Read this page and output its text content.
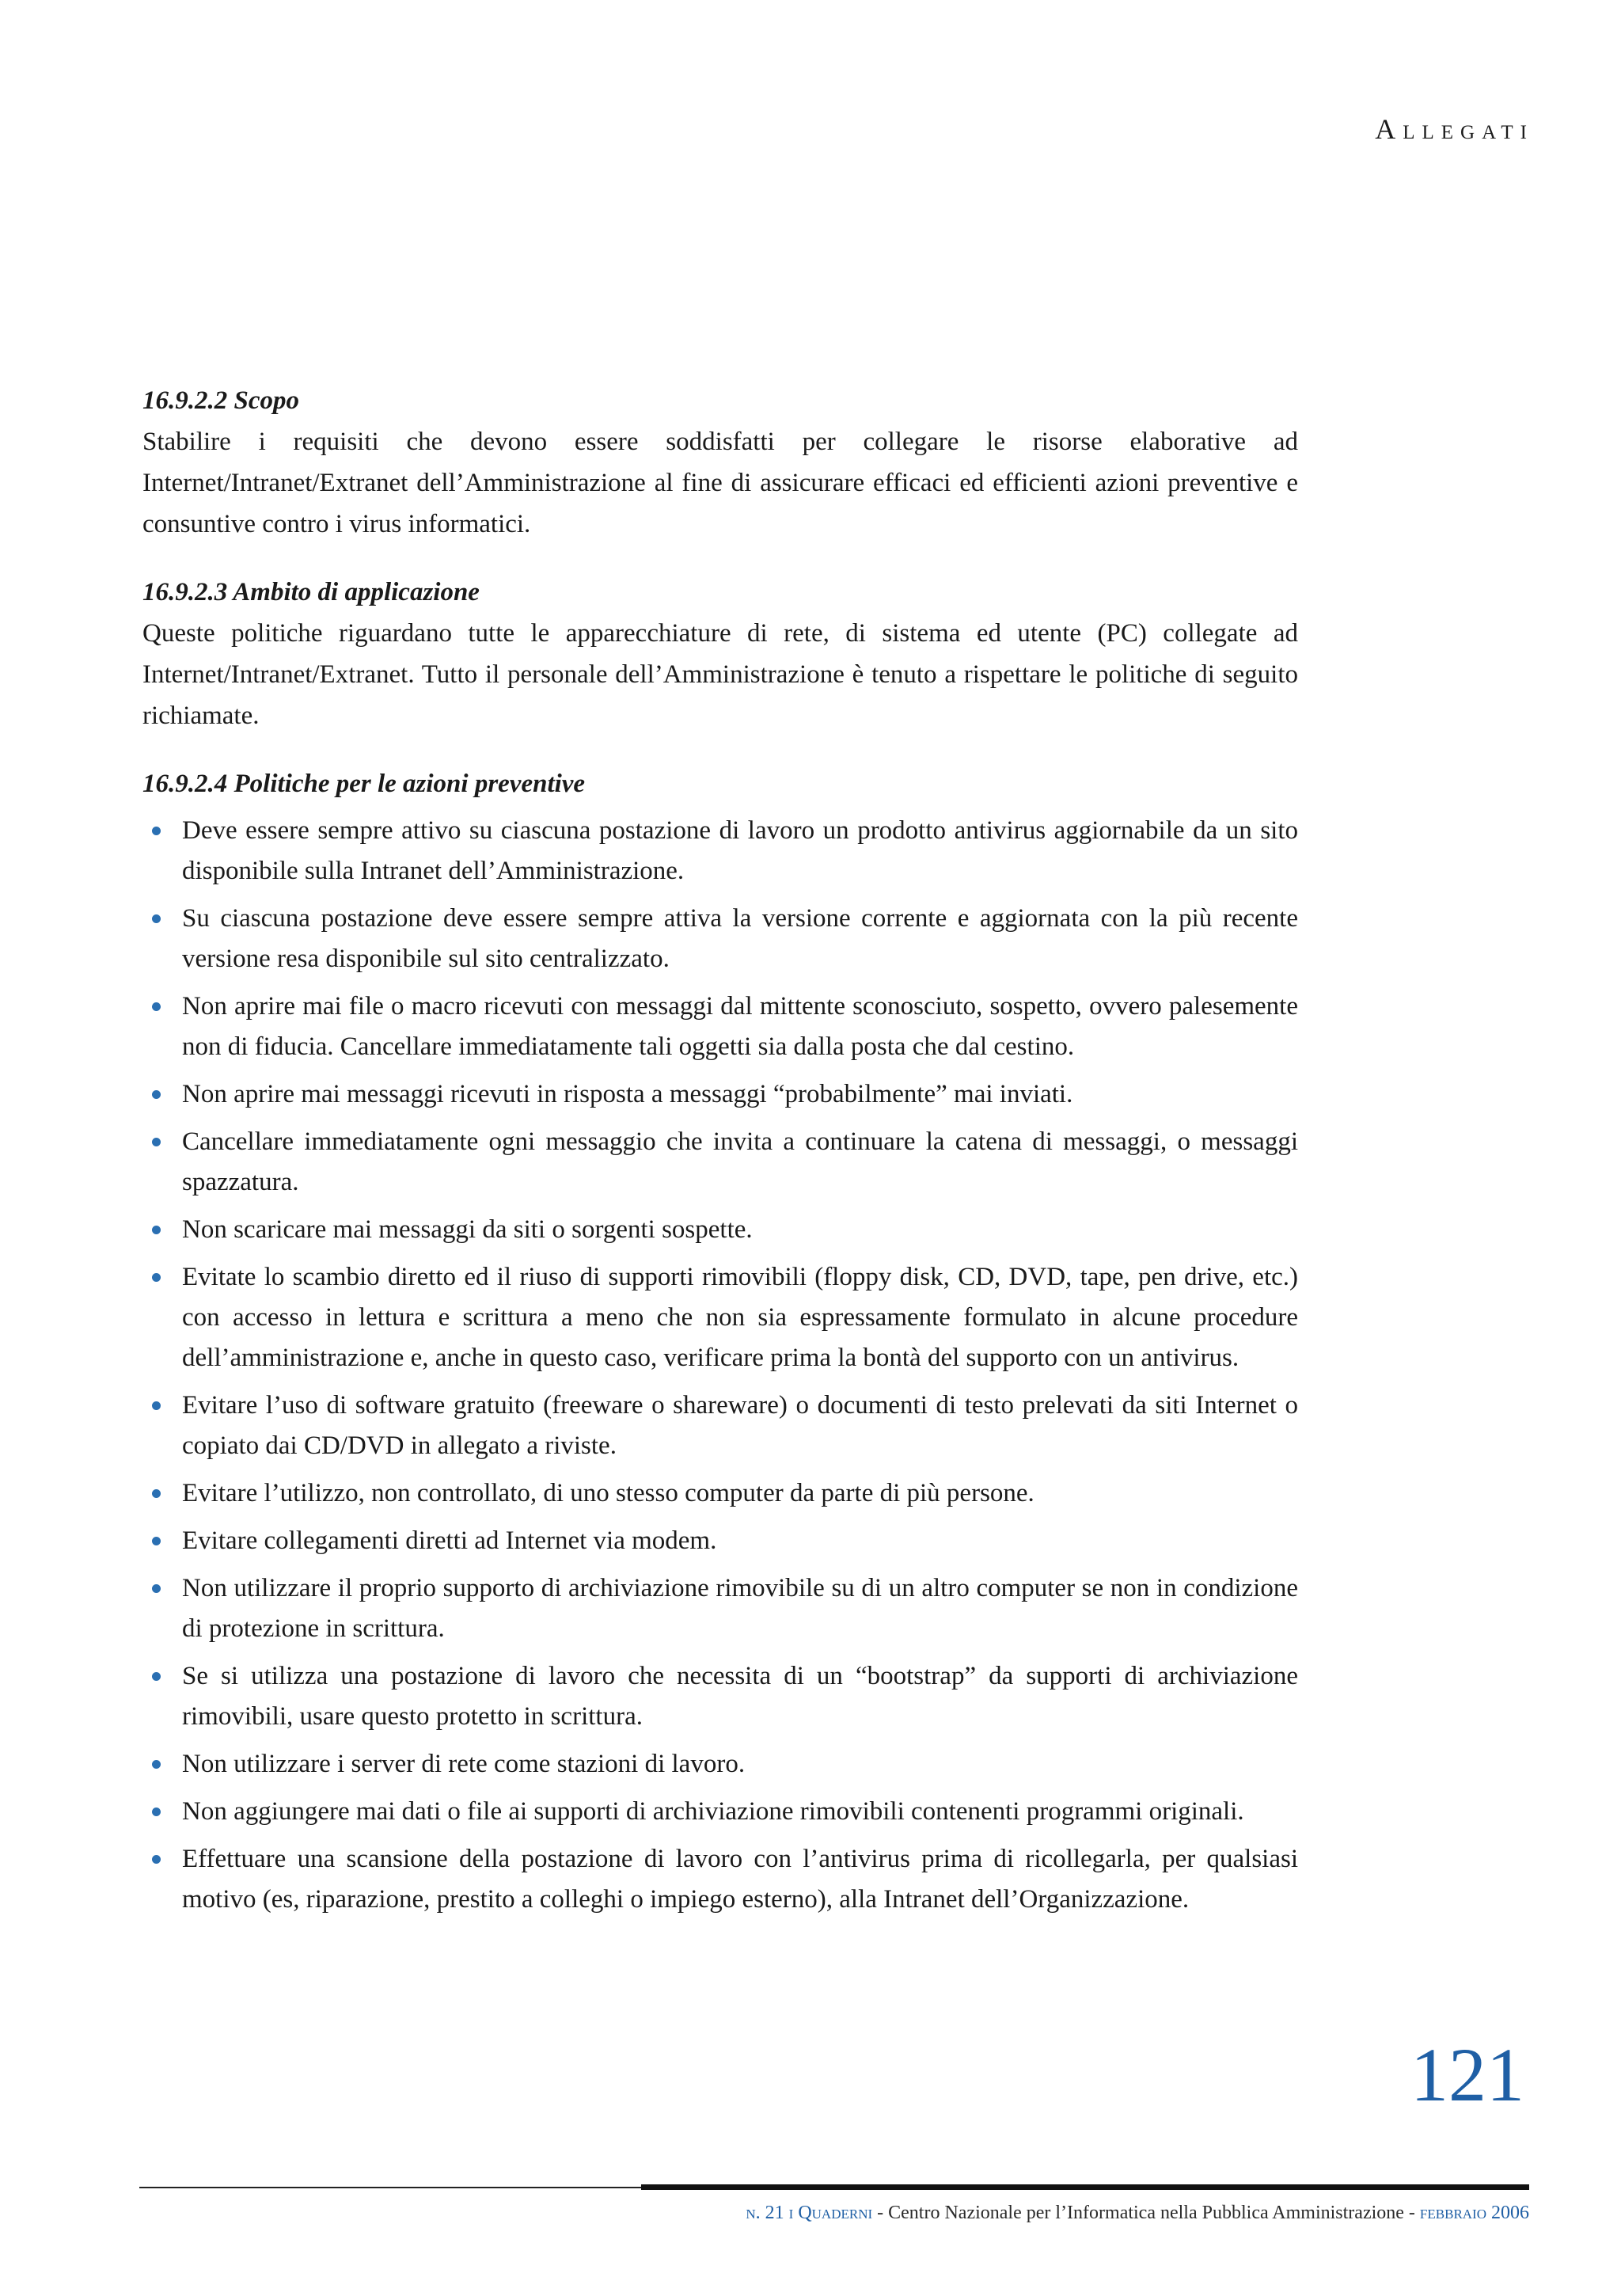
Allegati

16.9.2.2 Scopo

Stabilire i requisiti che devono essere soddisfatti per collegare le risorse elaborative ad Internet/Intranet/Extranet dell’Amministrazione al fine di assicurare efficaci ed efficienti azioni preventive e consuntive contro i virus informatici.

16.9.2.3 Ambito di applicazione

Queste politiche riguardano tutte le apparecchiature di rete, di sistema ed utente (PC) collegate ad Internet/Intranet/Extranet. Tutto il personale dell’Amministrazione è tenuto a rispettare le politiche di seguito richiamate.

16.9.2.4 Politiche per le azioni preventive

Deve essere sempre attivo su ciascuna postazione di lavoro un prodotto antivirus aggiornabile da un sito disponibile sulla Intranet dell’Amministrazione.
Su ciascuna postazione deve essere sempre attiva la versione corrente e aggiornata con la più recente versione resa disponibile sul sito centralizzato.
Non aprire mai file o macro ricevuti con messaggi dal mittente sconosciuto, sospetto, ovvero palesemente non di fiducia. Cancellare immediatamente tali oggetti sia dalla posta che dal cestino.
Non aprire mai messaggi ricevuti in risposta a messaggi “probabilmente” mai inviati.
Cancellare immediatamente ogni messaggio che invita a continuare la catena di messaggi, o messaggi spazzatura.
Non scaricare mai messaggi da siti o sorgenti sospette.
Evitate lo scambio diretto ed il riuso di supporti rimovibili (floppy disk, CD, DVD, tape, pen drive, etc.) con accesso in lettura e scrittura a meno che non sia espressamente formulato in alcune procedure dell’amministrazione e, anche in questo caso, verificare prima la bontà del supporto con un antivirus.
Evitare l’uso di software gratuito (freeware o shareware) o documenti di testo prelevati da siti Internet o copiato dai CD/DVD in allegato a riviste.
Evitare l’utilizzo, non controllato, di uno stesso computer da parte di più persone.
Evitare collegamenti diretti ad Internet via modem.
Non utilizzare il proprio supporto di archiviazione rimovibile su di un altro computer se non in condizione di protezione in scrittura.
Se si utilizza una postazione di lavoro che necessita di un “bootstrap” da supporti di archiviazione rimovibili, usare questo protetto in scrittura.
Non utilizzare i server di rete come stazioni di lavoro.
Non aggiungere mai dati o file ai supporti di archiviazione rimovibili contenenti programmi originali.
Effettuare una scansione della postazione di lavoro con l’antivirus prima di ricollegarla, per qualsiasi motivo (es, riparazione, prestito a colleghi o impiego esterno), alla Intranet dell’Organizzazione.
121
n. 21 i Quaderni - Centro Nazionale per l’Informatica nella Pubblica Amministrazione - febbraio 2006
